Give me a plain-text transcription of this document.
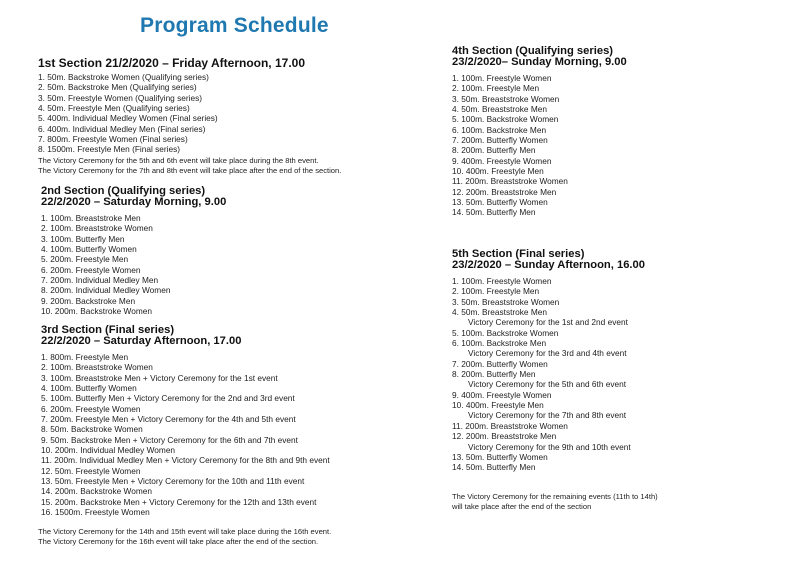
Program Schedule
1st Section 21/2/2020 – Friday Afternoon, 17.00
1. 50m. Backstroke Women (Qualifying series)
2. 50m. Backstroke Men (Qualifying series)
3. 50m. Freestyle Women (Qualifying series)
4. 50m. Freestyle Men (Qualifying series)
5. 400m. Individual Medley Women (Final series)
6. 400m. Individual Medley Men (Final series)
7. 800m. Freestyle Women (Final series)
8. 1500m. Freestyle Men (Final series)
The Victory Ceremony for the 5th and 6th event will take place during the 8th event.
The Victory Ceremony for the 7th and 8th event will take place after the end of the section.
2nd Section (Qualifying series)
22/2/2020 – Saturday Morning, 9.00
1. 100m. Breaststroke Men
2. 100m. Breaststroke Women
3. 100m. Butterfly Men
4. 100m. Butterfly Women
5. 200m. Freestyle Men
6. 200m. Freestyle Women
7. 200m. Individual Medley Men
8. 200m. Individual Medley Women
9. 200m. Backstroke Men
10. 200m. Backstroke Women
3rd Section (Final series)
22/2/2020 – Saturday Afternoon, 17.00
1. 800m. Freestyle Men
2. 100m. Breaststroke Women
3. 100m. Breaststroke Men + Victory Ceremony for the 1st event
4. 100m. Butterfly Women
5. 100m. Butterfly Men + Victory Ceremony for the 2nd and 3rd event
6. 200m. Freestyle Women
7. 200m. Freestyle Men + Victory Ceremony for the 4th and 5th event
8. 50m. Backstroke Women
9. 50m. Backstroke Men + Victory Ceremony for the 6th and 7th event
10. 200m. Individual Medley Women
11. 200m. Individual Medley Men + Victory Ceremony for the 8th and 9th event
12. 50m. Freestyle Women
13. 50m. Freestyle Men + Victory Ceremony for the 10th and 11th event
14. 200m. Backstroke Women
15. 200m. Backstroke Men + Victory Ceremony for the 12th and 13th event
16. 1500m. Freestyle Women
The Victory Ceremony for the 14th and 15th event will take place during the 16th event.
The Victory Ceremony for the 16th event will take place after the end of the section.
4th Section (Qualifying series)
23/2/2020– Sunday Morning, 9.00
1. 100m. Freestyle Women
2. 100m. Freestyle Men
3. 50m. Breaststroke Women
4. 50m. Breaststroke Men
5. 100m. Backstroke Women
6. 100m. Backstroke Men
7. 200m. Butterfly Women
8. 200m. Butterfly Men
9. 400m. Freestyle Women
10. 400m. Freestyle Men
11. 200m. Breaststroke Women
12. 200m. Breaststroke Men
13. 50m. Butterfly Women
14. 50m. Butterfly Men
5th Section (Final series)
23/2/2020 – Sunday Afternoon, 16.00
1. 100m. Freestyle Women
2. 100m. Freestyle Men
3. 50m. Breaststroke Women
4. 50m. Breaststroke Men
Victory Ceremony for the 1st and 2nd event
5. 100m. Backstroke Women
6. 100m. Backstroke Men
Victory Ceremony for the 3rd and 4th event
7. 200m. Butterfly Women
8. 200m. Butterfly Men
Victory Ceremony for the 5th and 6th event
9. 400m. Freestyle Women
10. 400m. Freestyle Men
Victory Ceremony for the 7th and 8th event
11. 200m. Breaststroke Women
12. 200m. Breaststroke Men
Victory Ceremony for the 9th and 10th event
13. 50m. Butterfly Women
14. 50m. Butterfly Men
The Victory Ceremony for the remaining events (11th to 14th)
will take place after the end of the section
